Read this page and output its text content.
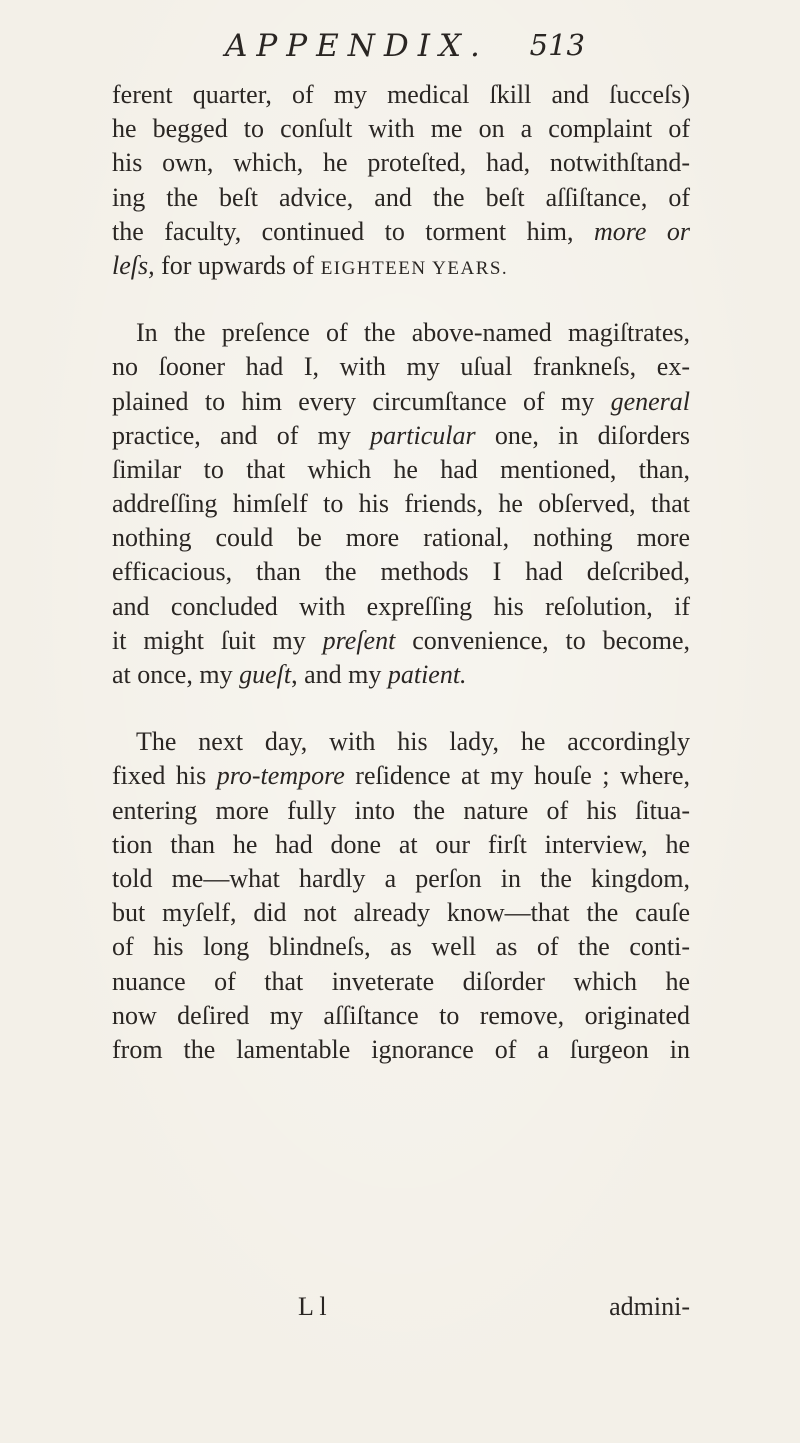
APPENDIX. 513
ferent quarter, of my medical ſkill and ſucceſs)
he begged to conſult with me on a complaint of
his own, which, he proteſted, had, notwithſtand-
ing the beſt advice, and the beſt aſſiſtance, of
the faculty, continued to torment him, more or
leſs, for upwards of EIGHTEEN YEARS.
In the preſence of the above-named magiſtrates,
no ſooner had I, with my uſual frankneſs, ex-
plained to him every circumſtance of my general
practice, and of my particular one, in diſorders
ſimilar to that which he had mentioned, than,
addreſſing himſelf to his friends, he obſerved, that
nothing could be more rational, nothing more
efficacious, than the methods I had deſcribed,
and concluded with expreſſing his reſolution, if
it might ſuit my preſent convenience, to become,
at once, my gueſt, and my patient.
The next day, with his lady, he accordingly
fixed his pro-tempore reſidence at my houſe ; where,
entering more fully into the nature of his ſitua-
tion than he had done at our firſt interview, he
told me—what hardly a perſon in the kingdom,
but myſelf, did not already know—that the cauſe
of his long blindneſs, as well as of the conti-
nuance of that inveterate diſorder which he
now deſired my aſſiſtance to remove, originated
from the lamentable ignorance of a ſurgeon in
L l	admini-
